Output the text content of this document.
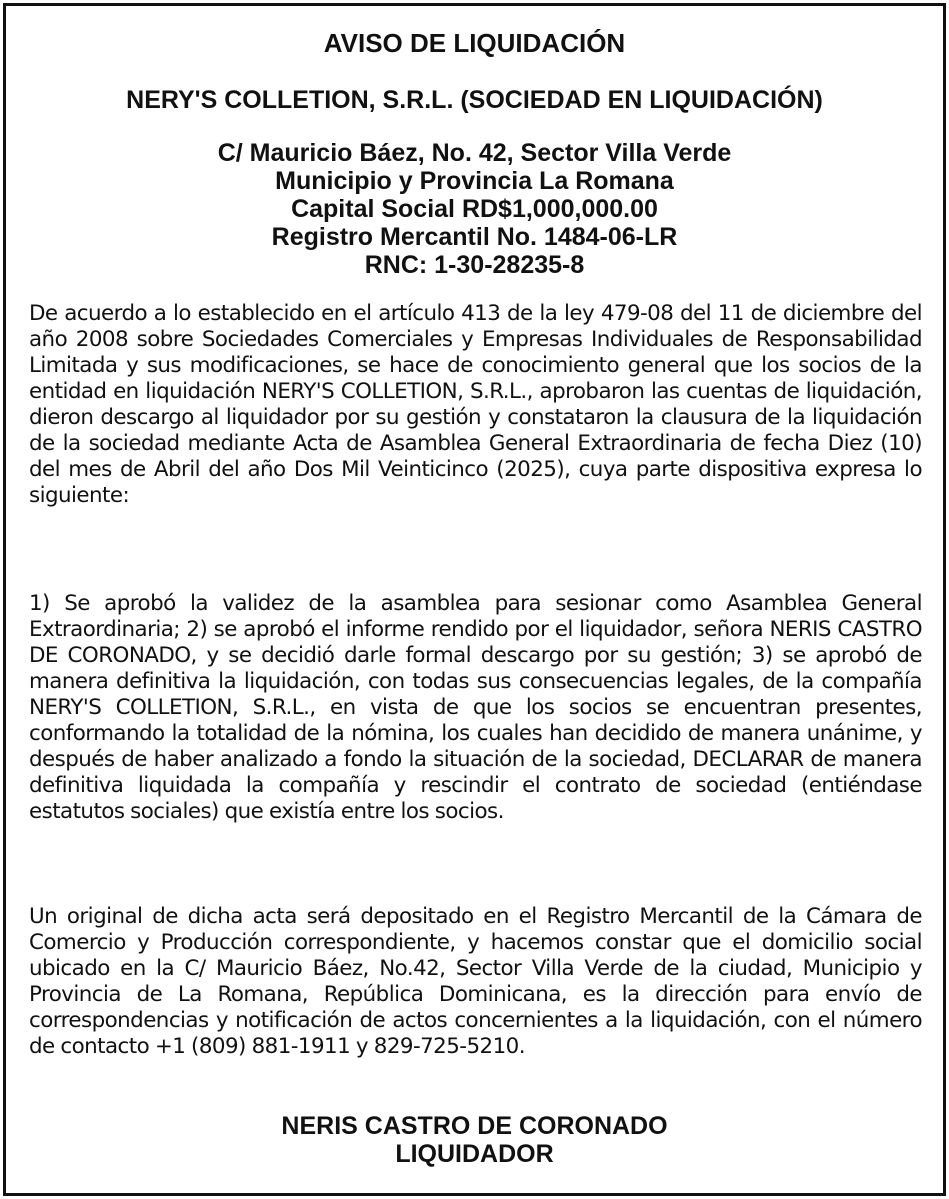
AVISO DE LIQUIDACIÓN
NERY'S COLLETION, S.R.L. (SOCIEDAD EN LIQUIDACIÓN)
C/ Mauricio Báez, No. 42, Sector Villa Verde
Municipio y Provincia La Romana
Capital Social RD$1,000,000.00
Registro Mercantil No. 1484-06-LR
RNC: 1-30-28235-8
De acuerdo a lo establecido en el artículo 413 de la ley 479-08 del 11 de diciembre del año 2008 sobre Sociedades Comerciales y Empresas Individuales de Responsabilidad Limitada y sus modificaciones, se hace de conocimiento general que los socios de la entidad en liquidación NERY'S COLLETION, S.R.L., aprobaron las cuentas de liquidación, dieron descargo al liquidador por su gestión y constataron la clausura de la liquidación de la sociedad mediante Acta de Asamblea General Extraordinaria de fecha Diez (10) del mes de Abril del año Dos Mil Veinticinco (2025), cuya parte dispositiva expresa lo siguiente:
1) Se aprobó la validez de la asamblea para sesionar como Asamblea General Extraordinaria; 2) se aprobó el informe rendido por el liquidador, señora NERIS CASTRO DE CORONADO, y se decidió darle formal descargo por su gestión; 3) se aprobó de manera definitiva la liquidación, con todas sus consecuencias legales, de la compañía NERY'S COLLETION, S.R.L., en vista de que los socios se encuentran presentes, conformando la totalidad de la nómina, los cuales han decidido de manera unánime, y después de haber analizado a fondo la situación de la sociedad, DECLARAR de manera definitiva liquidada la compañía y rescindir el contrato de sociedad (entiéndase estatutos sociales) que existía entre los socios.
Un original de dicha acta será depositado en el Registro Mercantil de la Cámara de Comercio y Producción correspondiente, y hacemos constar que el domicilio social ubicado en la C/ Mauricio Báez, No.42, Sector Villa Verde de la ciudad, Municipio y Provincia de La Romana, República Dominicana, es la dirección para envío de correspondencias y notificación de actos concernientes a la liquidación, con el número de contacto +1 (809) 881-1911 y 829-725-5210.
NERIS CASTRO DE CORONADO
LIQUIDADOR
